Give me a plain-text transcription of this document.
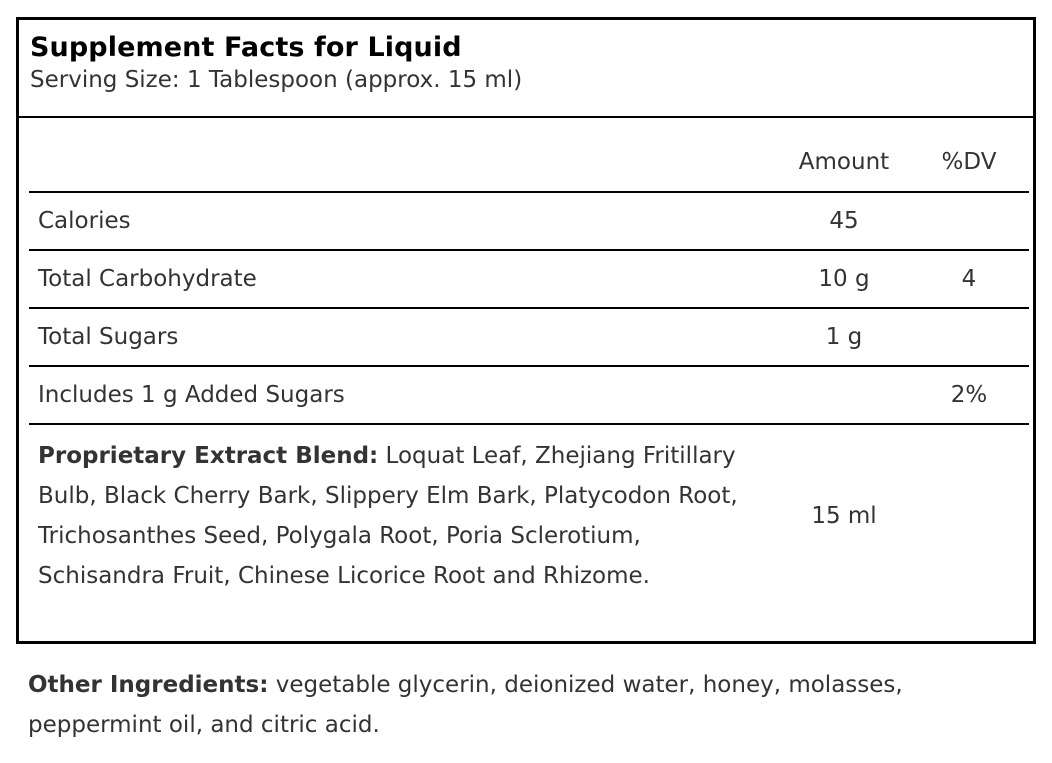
Supplement Facts for Liquid
Serving Size: 1 Tablespoon (approx. 15 ml)
	Amount	%DV
Calories	45	
Total Carbohydrate	10 g	4
Total Sugars	1 g	
Includes 1 g Added Sugars		2%
Proprietary Extract Blend: Loquat Leaf, Zhejiang Fritillary Bulb, Black Cherry Bark, Slippery Elm Bark, Platycodon Root, Trichosanthes Seed, Polygala Root, Poria Sclerotium, Schisandra Fruit, Chinese Licorice Root and Rhizome.	15 ml	
Other Ingredients: vegetable glycerin, deionized water, honey, molasses, peppermint oil, and citric acid.
